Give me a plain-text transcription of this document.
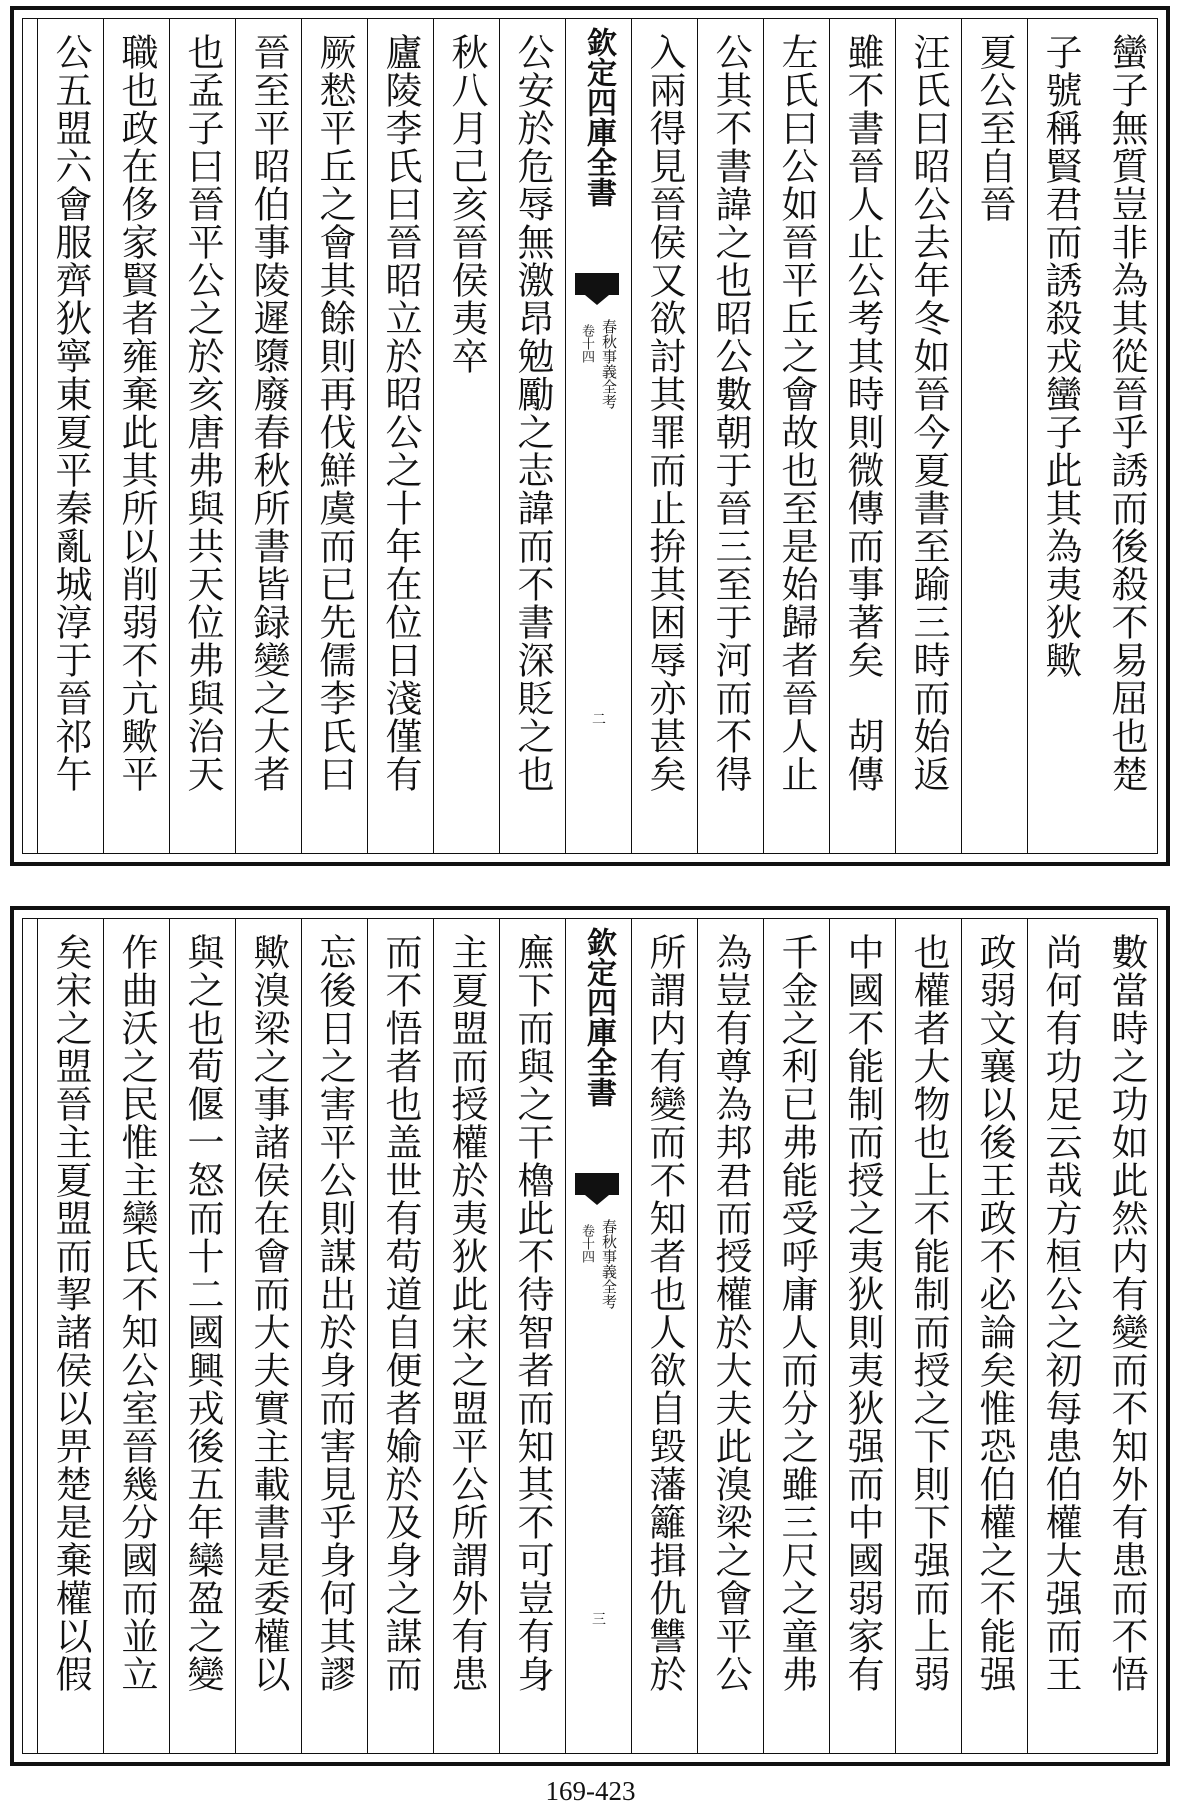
蠻子無質豈非為其從晉乎誘而後殺不易屈也楚
子號稱賢君而誘殺戎蠻子此其為夷狄歟
夏公至自晉
汪氏曰昭公去年冬如晉今夏書至踰三時而始返
雖不書晉人止公考其時則微傳而事著矣　胡傳
左氏曰公如晉平丘之會故也至是始歸者晉人止
公其不書諱之也昭公數朝于晉三至于河而不得
入兩得見晉侯又欲討其罪而止拚其困辱亦甚矣
欽定四庫全書
春秋事義全考
卷十四
二
公安於危辱無激昂勉勵之志諱而不書深貶之也
秋八月己亥晉侯夷卒
廬陵李氏曰晉昭立於昭公之十年在位日淺僅有
厥慭平丘之會其餘則再伐鮮虞而已先儒李氏曰
晉至平昭伯事陵遲隳廢春秋所書皆録變之大者
也孟子曰晉平公之於亥唐弗與共天位弗與治天
職也政在侈家賢者雍棄此其所以削弱不亢歟平
公五盟六會服齊狄寧東夏平秦亂城淳于晉祁午
數當時之功如此然内有變而不知外有患而不悟
尚何有功足云哉方桓公之初每患伯權大强而王
政弱文襄以後王政不必論矣惟恐伯權之不能强
也權者大物也上不能制而授之下則下强而上弱
中國不能制而授之夷狄則夷狄强而中國弱家有
千金之利已弗能受呼庸人而分之雖三尺之童弗
為豈有尊為邦君而授權於大夫此溴梁之會平公
所謂内有變而不知者也人欲自毀藩籬揖仇讐於
欽定四庫全書
春秋事義全考
卷十四
三
廡下而與之干櫓此不待智者而知其不可豈有身
主夏盟而授權於夷狄此宋之盟平公所謂外有患
而不悟者也盖世有苟道自便者媮於及身之謀而
忘後日之害平公則謀出於身而害見乎身何其謬
歟溴梁之事諸侯在會而大夫實主載書是委權以
與之也荀偃一怒而十二國興戎後五年欒盈之變
作曲沃之民惟主欒氏不知公室晉幾分國而並立
矣宋之盟晉主夏盟而挈諸侯以畀楚是棄權以假
169-423
